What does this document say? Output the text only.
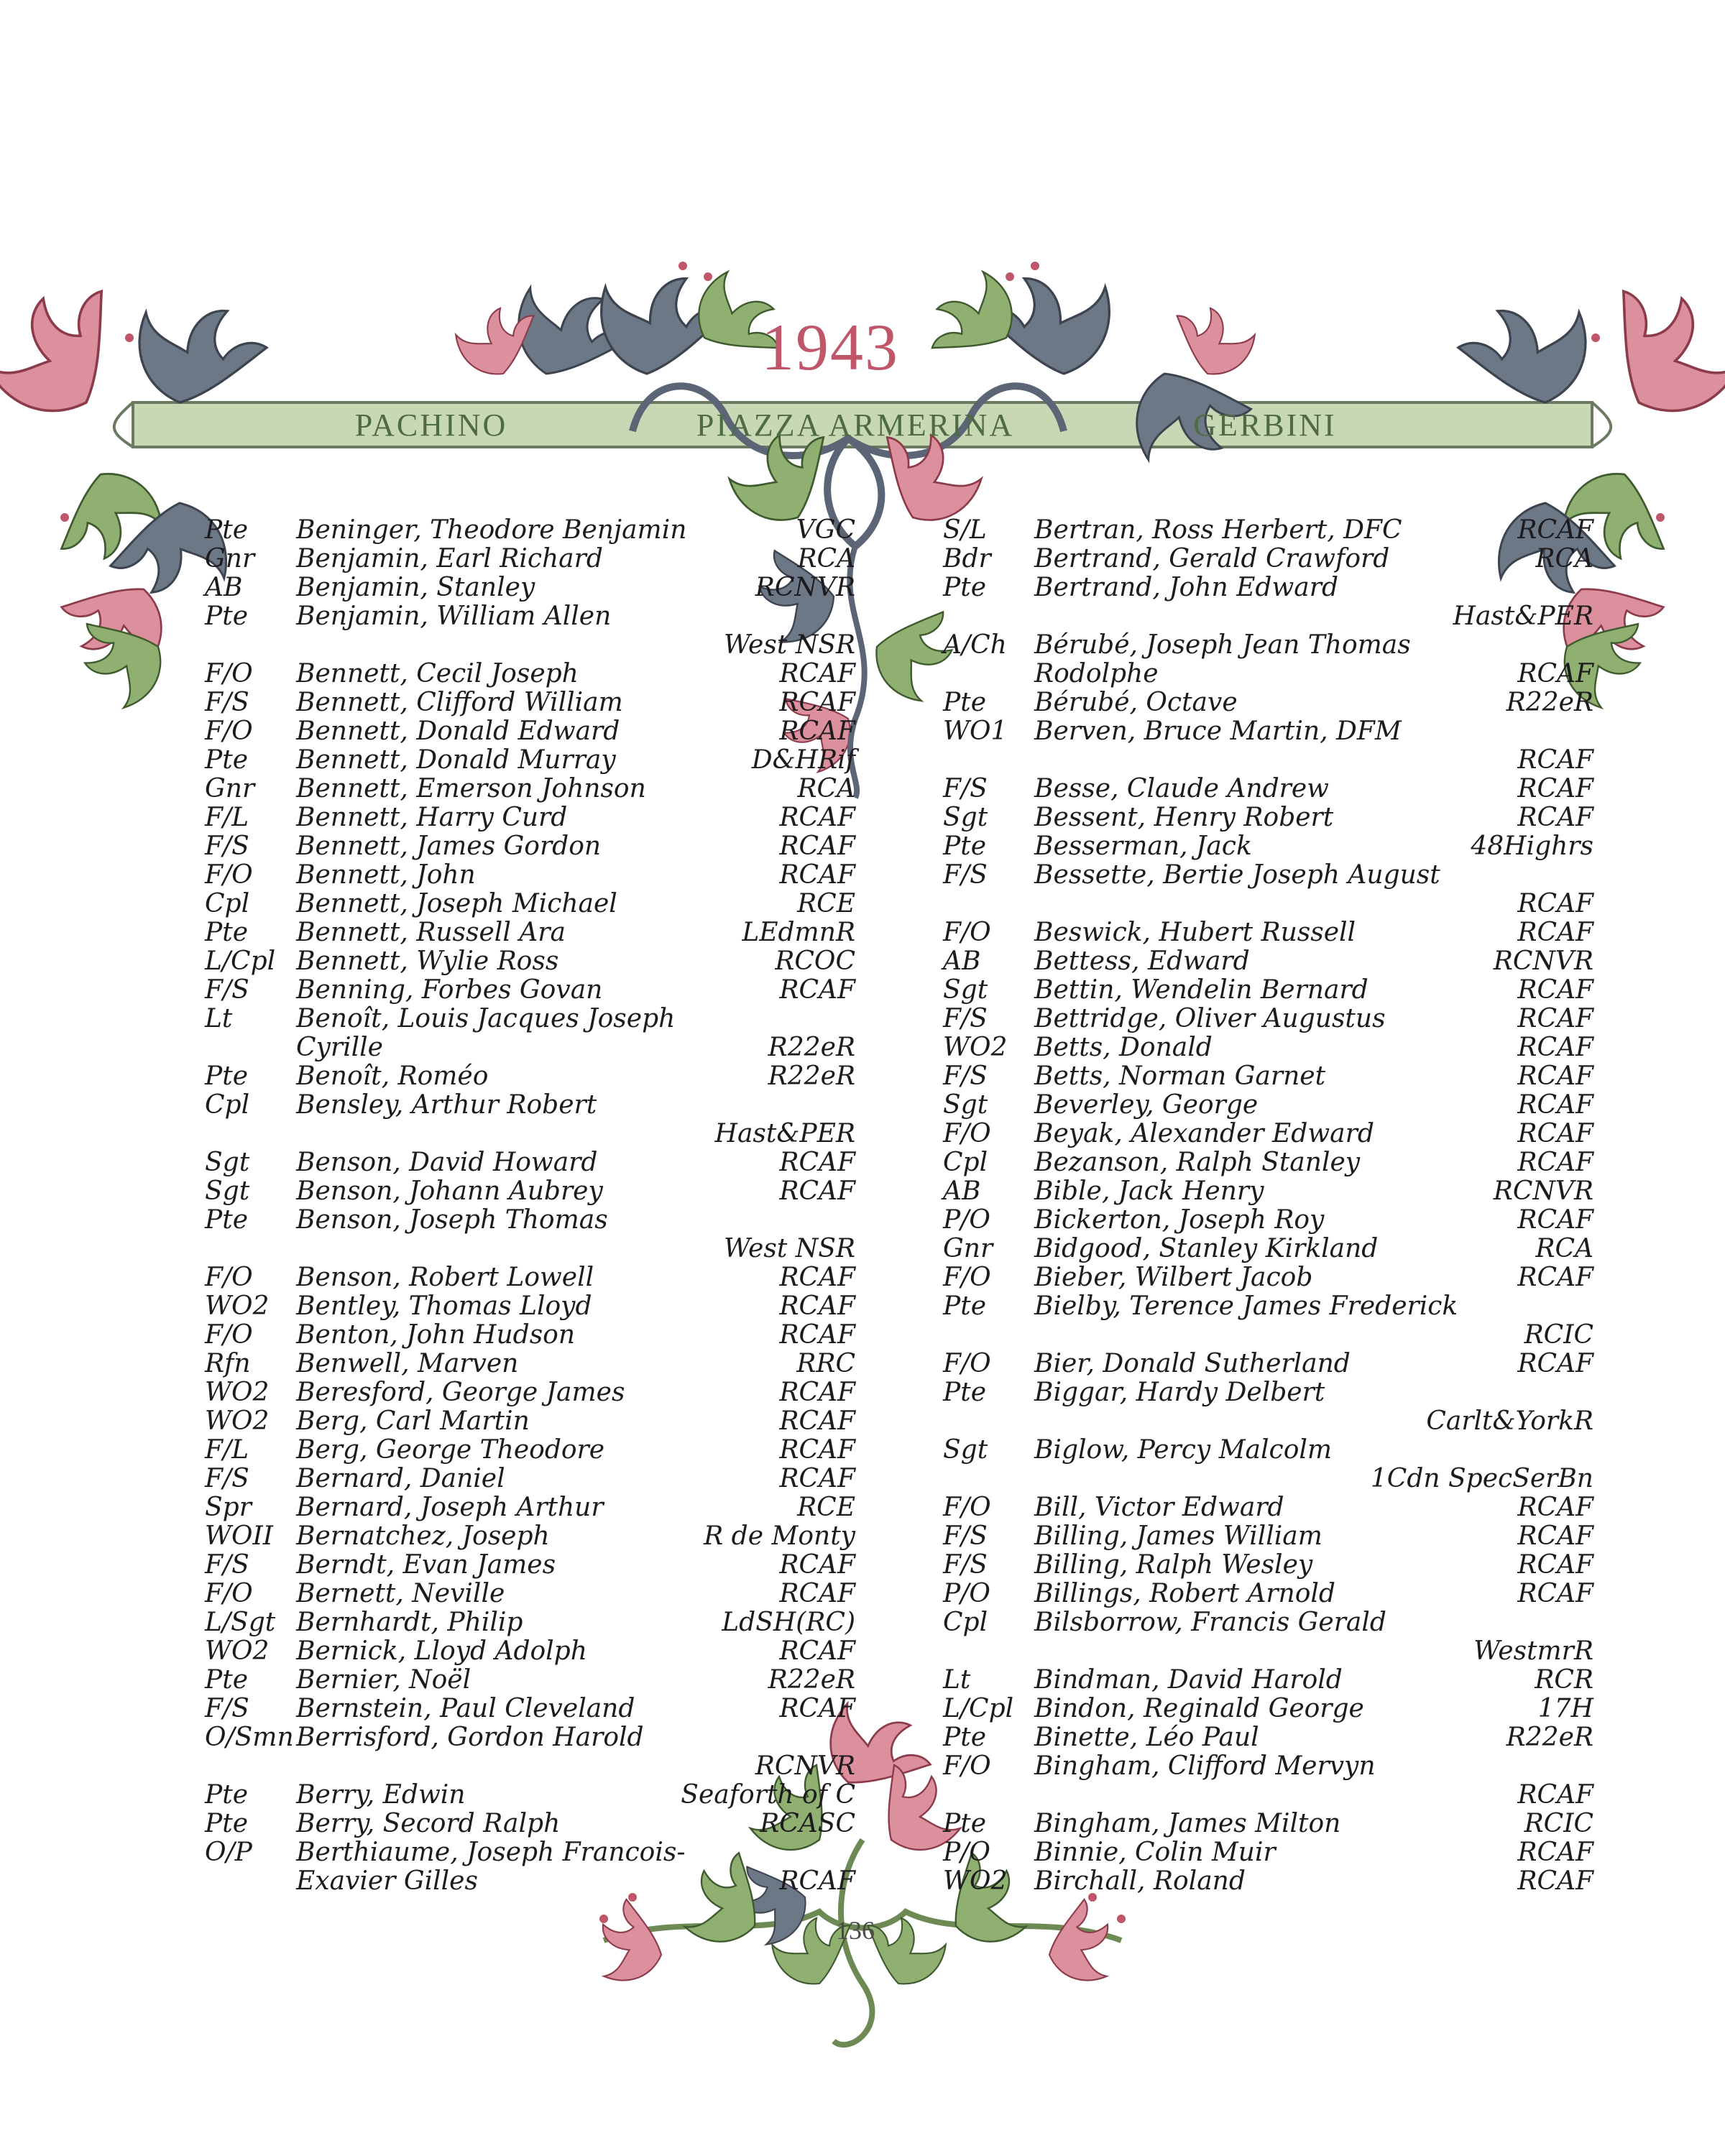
1943
PACHINO	PIAZZA ARMERINA	GERBINI
Pte	Beninger, Theodore Benjamin	VGC
Gnr	Benjamin, Earl Richard	RCA
AB	Benjamin, Stanley	RCNVR
Pte	Benjamin, William Allen
West NSR
F/O	Bennett, Cecil Joseph	RCAF
F/S	Bennett, Clifford William	RCAF
F/O	Bennett, Donald Edward	RCAF
Pte	Bennett, Donald Murray	D&HRif
Gnr	Bennett, Emerson Johnson	RCA
F/L	Bennett, Harry Curd	RCAF
F/S	Bennett, James Gordon	RCAF
F/O	Bennett, John	RCAF
Cpl	Bennett, Joseph Michael	RCE
Pte	Bennett, Russell Ara	LEdmnR
L/Cpl Bennett, Wylie Ross	RCOC
F/S	Benning, Forbes Govan	RCAF
Lt	Benoît, Louis Jacques Joseph
Cyrille	R22eR
Pte	Benoît, Roméo	R22eR
Cpl	Bensley, Arthur Robert
Hast&PER
Sgt	Benson, David Howard	RCAF
Sgt	Benson, Johann Aubrey	RCAF
Pte	Benson, Joseph Thomas
West NSR
F/O	Benson, Robert Lowell	RCAF
WO2	Bentley, Thomas Lloyd	RCAF
F/O	Benton, John Hudson	RCAF
Rfn	Benwell, Marven	RRC
WO2	Beresford, George James	RCAF
WO2	Berg, Carl Martin	RCAF
F/L	Berg, George Theodore	RCAF
F/S	Bernard, Daniel	RCAF
Spr	Bernard, Joseph Arthur	RCE
WOII Bernatchez, Joseph	R de Monty
F/S	Berndt, Evan James	RCAF
F/O	Bernett, Neville	RCAF
L/Sgt Bernhardt, Philip	LdSH(RC)
WO2	Bernick, Lloyd Adolph	RCAF
Pte	Bernier, Noël	R22eR
F/S	Bernstein, Paul Cleveland	RCAF
O/Smn Berrisford, Gordon Harold
RCNVR
Pte	Berry, Edwin	Seaforth of C
Pte	Berry, Secord Ralph	RCASC
O/P	Berthiaume, Joseph Francois-
Exavier Gilles	RCAF
S/L	Bertran, Ross Herbert, DFC	RCAF
Bdr	Bertrand, Gerald Crawford	RCA
Pte	Bertrand, John Edward
Hast&PER
A/Ch	Bérubé, Joseph Jean Thomas
Rodolphe	RCAF
Pte	Bérubé, Octave	R22eR
WO1	Berven, Bruce Martin, DFM
RCAF
F/S	Besse, Claude Andrew	RCAF
Sgt	Bessent, Henry Robert	RCAF
Pte	Besserman, Jack	48Highrs
F/S	Bessette, Bertie Joseph August
RCAF
F/O	Beswick, Hubert Russell	RCAF
AB	Bettess, Edward	RCNVR
Sgt	Bettin, Wendelin Bernard	RCAF
F/S	Bettridge, Oliver Augustus	RCAF
WO2	Betts, Donald	RCAF
F/S	Betts, Norman Garnet	RCAF
Sgt	Beverley, George	RCAF
F/O	Beyak, Alexander Edward	RCAF
Cpl	Bezanson, Ralph Stanley	RCAF
AB	Bible, Jack Henry	RCNVR
P/O	Bickerton, Joseph Roy	RCAF
Gnr	Bidgood, Stanley Kirkland	RCA
F/O	Bieber, Wilbert Jacob	RCAF
Pte	Bielby, Terence James Frederick
RCIC
F/O	Bier, Donald Sutherland	RCAF
Pte	Biggar, Hardy Delbert
Carlt&YorkR
Sgt	Biglow, Percy Malcolm
1Cdn SpecSerBn
F/O	Bill, Victor Edward	RCAF
F/S	Billing, James William	RCAF
F/S	Billing, Ralph Wesley	RCAF
P/O	Billings, Robert Arnold	RCAF
Cpl	Bilsborrow, Francis Gerald
WestmrR
Lt	Bindman, David Harold	RCR
L/Cpl Bindon, Reginald George	17H
Pte	Binette, Léo Paul	R22eR
F/O	Bingham, Clifford Mervyn
RCAF
Pte	Bingham, James Milton	RCIC
P/O	Binnie, Colin Muir	RCAF
WO2	Birchall, Roland	RCAF
136
